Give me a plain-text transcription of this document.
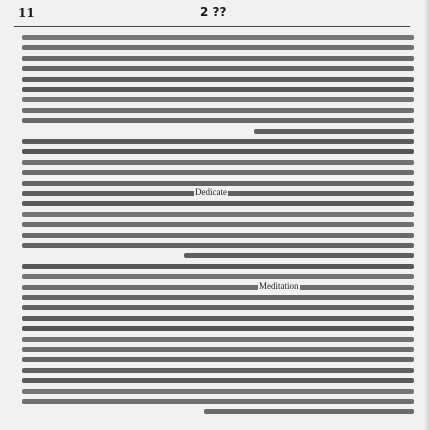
11	2 ??
Dedicate
Meditation
